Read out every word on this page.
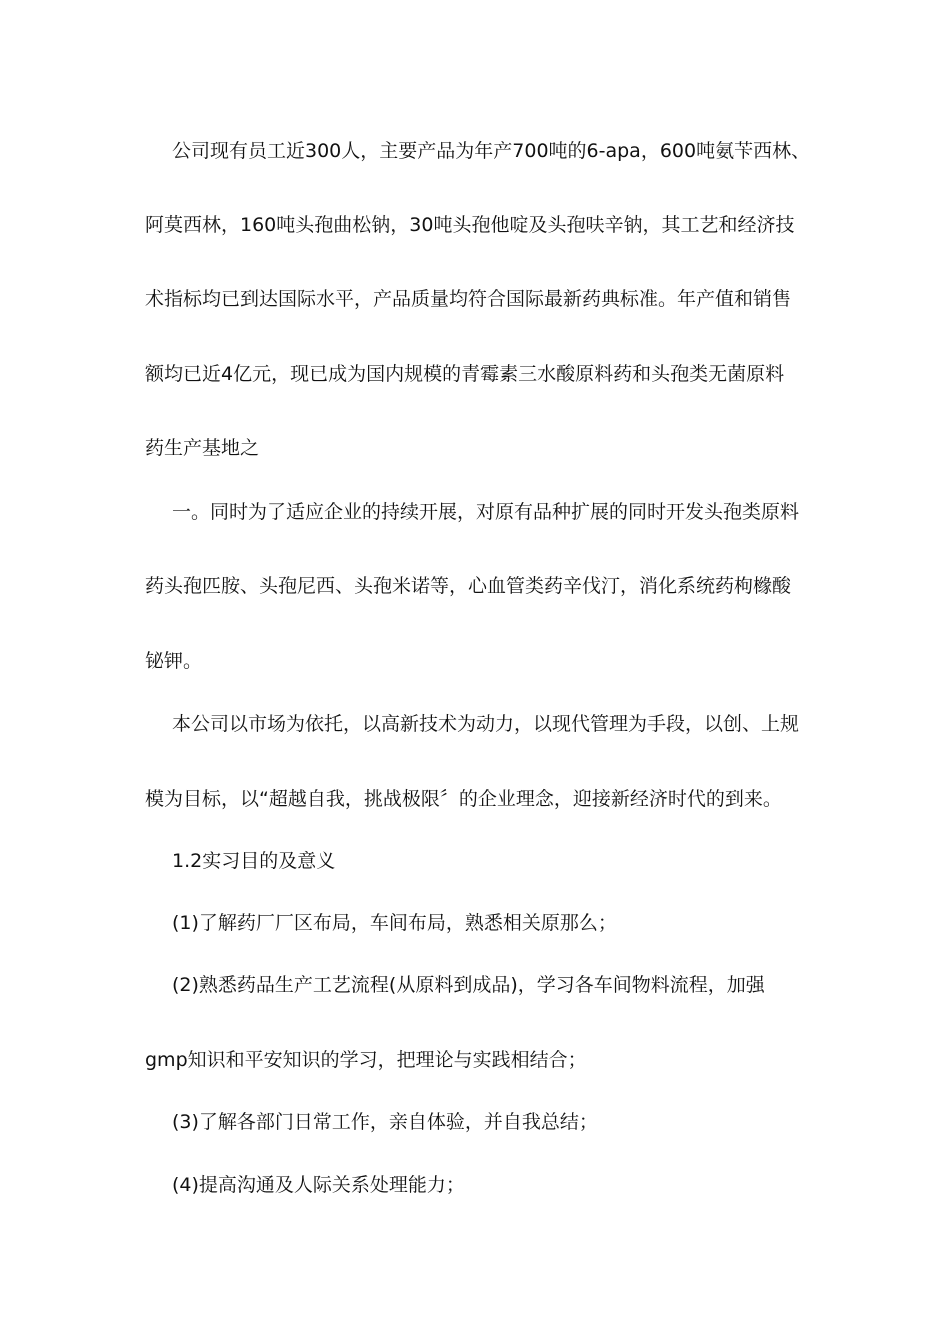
公司现有员工近300人，主要产品为年产700吨的6-apa，600吨氨苄西林、
阿莫西林，160吨头孢曲松钠，30吨头孢他啶及头孢呋辛钠，其工艺和经济技
术指标均已到达国际水平，产品质量均符合国际最新药典标准。年产值和销售
额均已近4亿元，现已成为国内规模的青霉素三水酸原料药和头孢类无菌原料
药生产基地之
一。同时为了适应企业的持续开展，对原有品种扩展的同时开发头孢类原料
药头孢匹胺、头孢尼西、头孢米诺等，心血管类药辛伐汀，消化系统药枸橼酸
铋钾。
本公司以市场为依托，以高新技术为动力，以现代管理为手段，以创、上规
模为目标，以“超越自我，挑战极限〞的企业理念，迎接新经济时代的到来。
1.2实习目的及意义
(1)了解药厂厂区布局，车间布局，熟悉相关原那么；
(2)熟悉药品生产工艺流程(从原料到成品)，学习各车间物料流程，加强
gmp知识和平安知识的学习，把理论与实践相结合；
(3)了解各部门日常工作，亲自体验，并自我总结；
(4)提高沟通及人际关系处理能力；
